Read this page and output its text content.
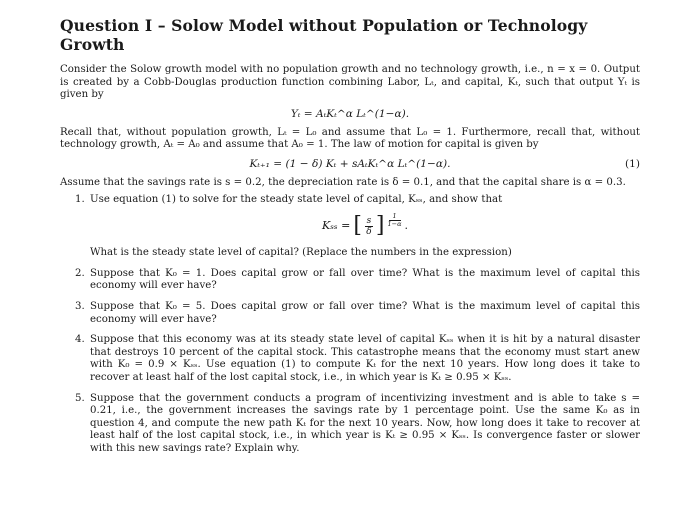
Question I – Solow Model without Population or Technology Growth

Consider the Solow growth model with no population growth and no technology growth, i.e., n = x = 0. Output is created by a Cobb-Douglas production function combining Labor, Lₜ, and capital, Kₜ, such that output Yₜ is given by

Yₜ = AₜKₜ^α Lₜ^(1−α).

Recall that, without population growth, Lₜ = L₀ and assume that L₀ = 1. Furthermore, recall that, without technology growth, Aₜ = A₀ and assume that A₀ = 1. The law of motion for capital is given by

Kₜ₊₁ = (1 − δ) Kₜ + sAₜKₜ^α Lₜ^(1−α).	(1)

Assume that the savings rate is s = 0.2, the depreciation rate is δ = 0.1, and that the capital share is α = 0.3.

1. Use equation (1) to solve for the steady state level of capital, Kₛₛ, and show that
Kₛₛ = [ $\frac{s}{\delta}$ ] 1
1−α .
What is the steady state level of capital? (Replace the numbers in the expression)
2. Suppose that K₀ = 1. Does capital grow or fall over time? What is the maximum level of capital this economy will ever have?
3. Suppose that K₀ = 5. Does capital grow or fall over time? What is the maximum level of capital this economy will ever have?
4. Suppose that this economy was at its steady state level of capital Kₛₛ when it is hit by a natural disaster that destroys 10 percent of the capital stock. This catastrophe means that the economy must start anew with K₀ = 0.9 × Kₛₛ. Use equation (1) to compute Kₜ for the next 10 years. How long does it take to recover at least half of the lost capital stock, i.e., in which year is Kₜ ≥ 0.95 × Kₛₛ.
5. Suppose that the government conducts a program of incentivizing investment and is able to take s = 0.21, i.e., the government increases the savings rate by 1 percentage point. Use the same K₀ as in question 4, and compute the new path Kₜ for the next 10 years. Now, how long does it take to recover at least half of the lost capital stock, i.e., in which year is Kₜ ≥ 0.95 × Kₛₛ. Is convergence faster or slower with this new savings rate? Explain why.
